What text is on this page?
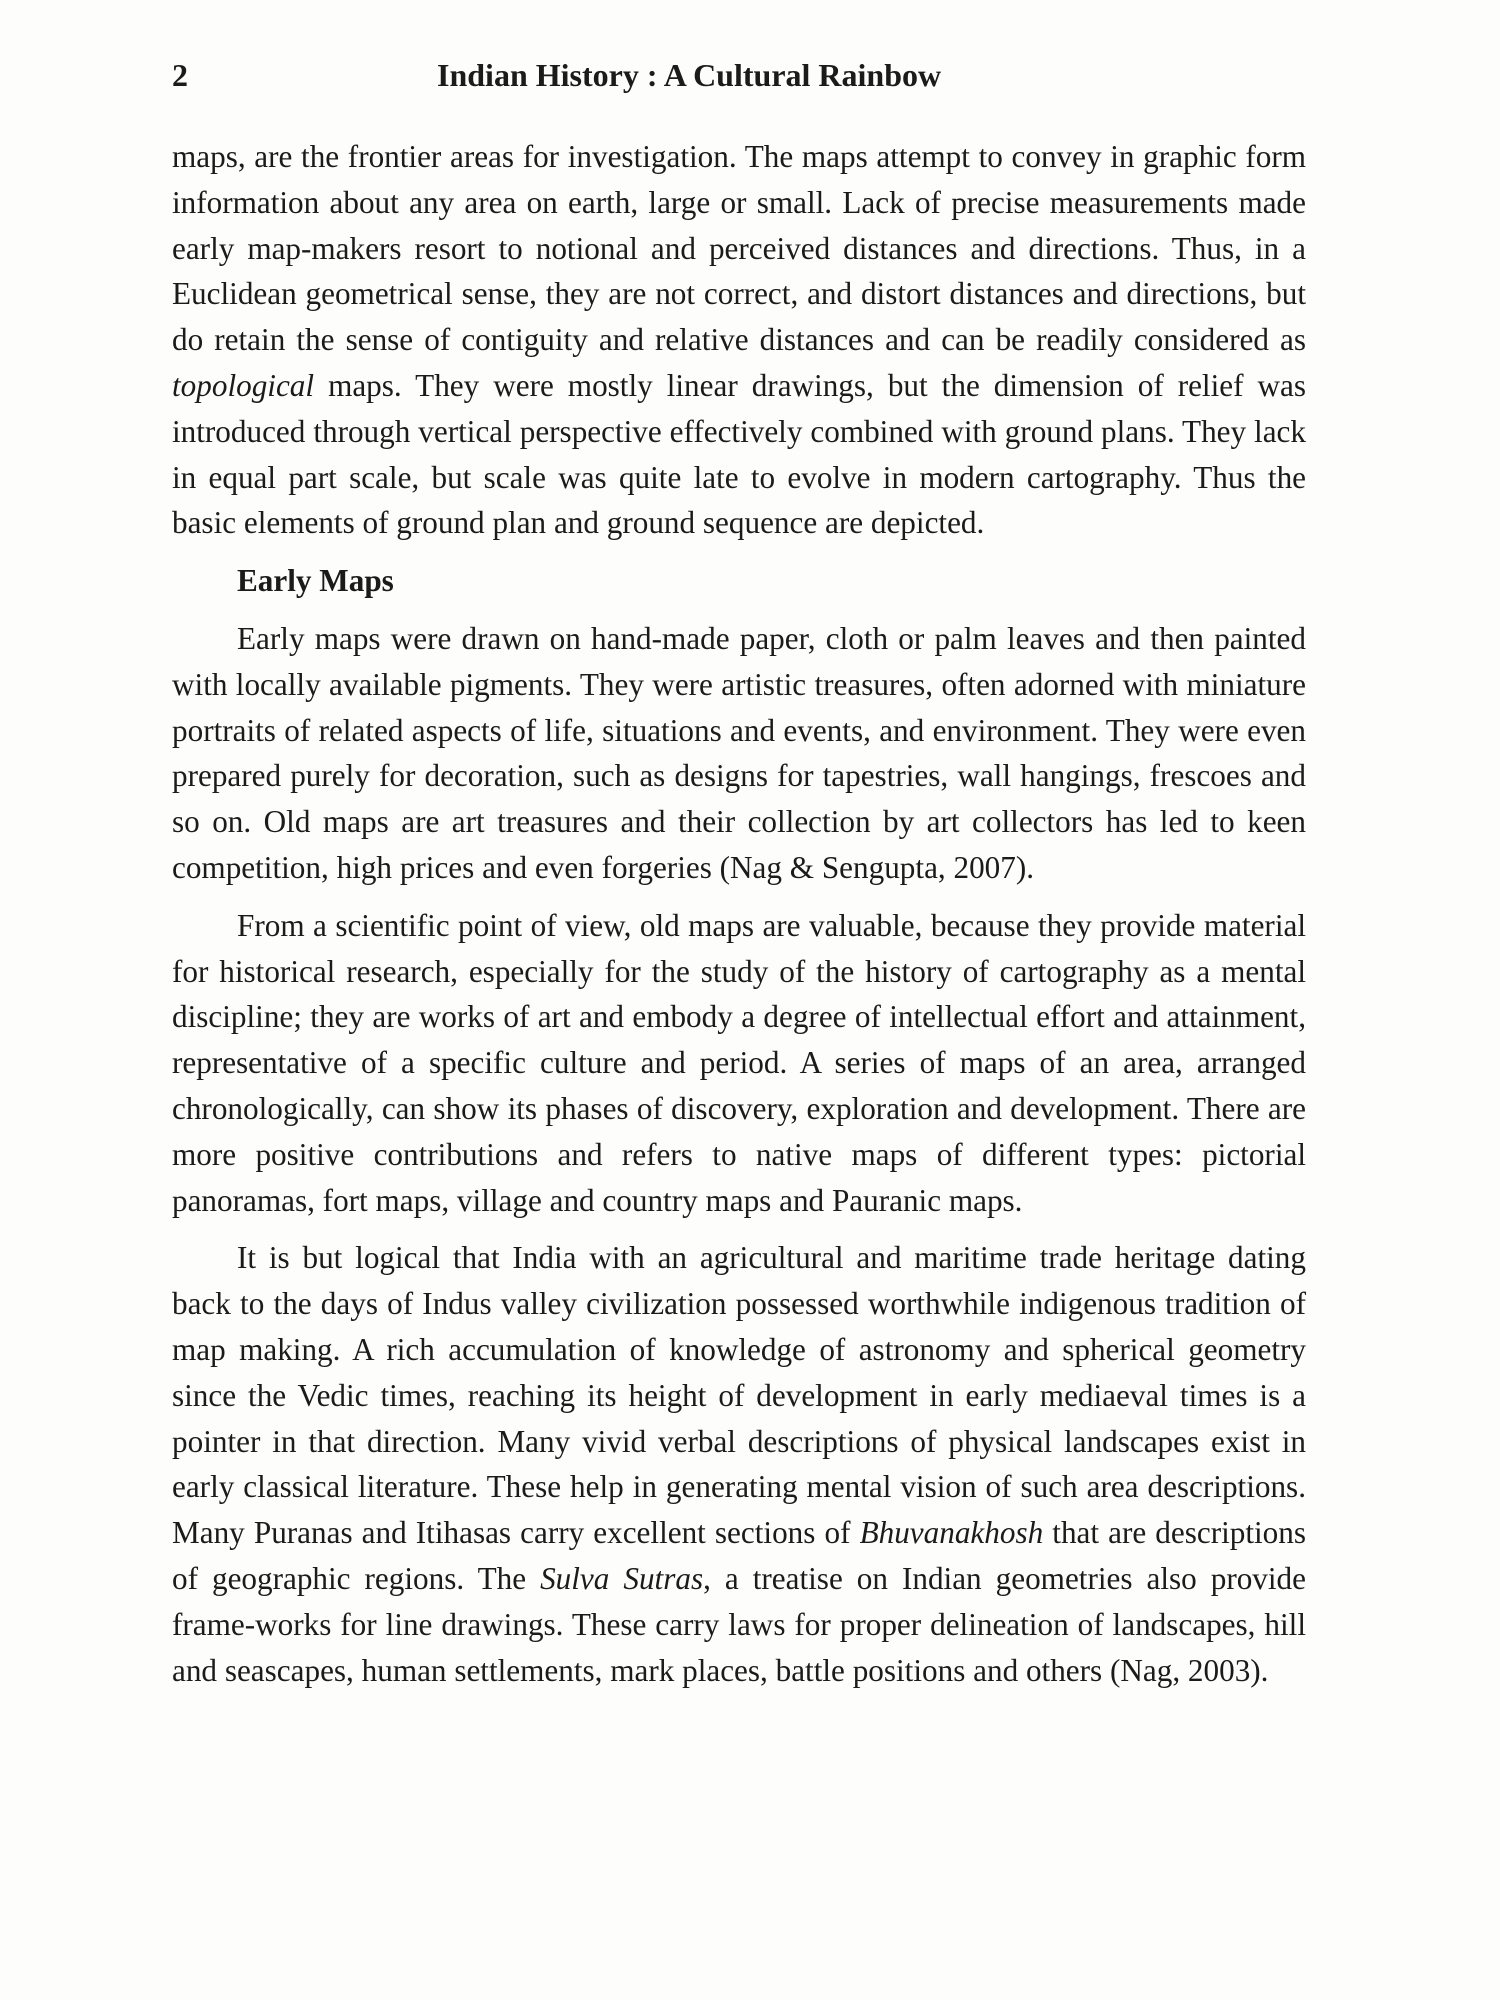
2	Indian History : A Cultural Rainbow

maps, are the frontier areas for investigation. The maps attempt to convey in graphic form information about any area on earth, large or small. Lack of precise measurements made early map-makers resort to notional and perceived distances and directions. Thus, in a Euclidean geometrical sense, they are not correct, and distort distances and directions, but do retain the sense of contiguity and relative distances and can be readily considered as topological maps. They were mostly linear drawings, but the dimension of relief was introduced through vertical perspective effectively combined with ground plans. They lack in equal part scale, but scale was quite late to evolve in modern cartography. Thus the basic elements of ground plan and ground sequence are depicted.

Early Maps

Early maps were drawn on hand-made paper, cloth or palm leaves and then painted with locally available pigments. They were artistic treasures, often adorned with miniature portraits of related aspects of life, situations and events, and environment. They were even prepared purely for decoration, such as designs for tapestries, wall hangings, frescoes and so on. Old maps are art treasures and their collection by art collectors has led to keen competition, high prices and even forgeries (Nag & Sengupta, 2007).

From a scientific point of view, old maps are valuable, because they provide material for historical research, especially for the study of the history of cartography as a mental discipline; they are works of art and embody a degree of intellectual effort and attainment, representative of a specific culture and period. A series of maps of an area, arranged chronologically, can show its phases of discovery, exploration and development. There are more positive contributions and refers to native maps of different types: pictorial panoramas, fort maps, village and country maps and Pauranic maps.

It is but logical that India with an agricultural and maritime trade heritage dating back to the days of Indus valley civilization possessed worthwhile indigenous tradition of map making. A rich accumulation of knowledge of astronomy and spherical geometry since the Vedic times, reaching its height of development in early mediaeval times is a pointer in that direction. Many vivid verbal descriptions of physical landscapes exist in early classical literature. These help in generating mental vision of such area descriptions. Many Puranas and Itihasas carry excellent sections of Bhuvanakhosh that are descriptions of geographic regions. The Sulva Sutras, a treatise on Indian geometries also provide frame-works for line drawings. These carry laws for proper delineation of landscapes, hill and seascapes, human settlements, mark places, battle positions and others (Nag, 2003).
